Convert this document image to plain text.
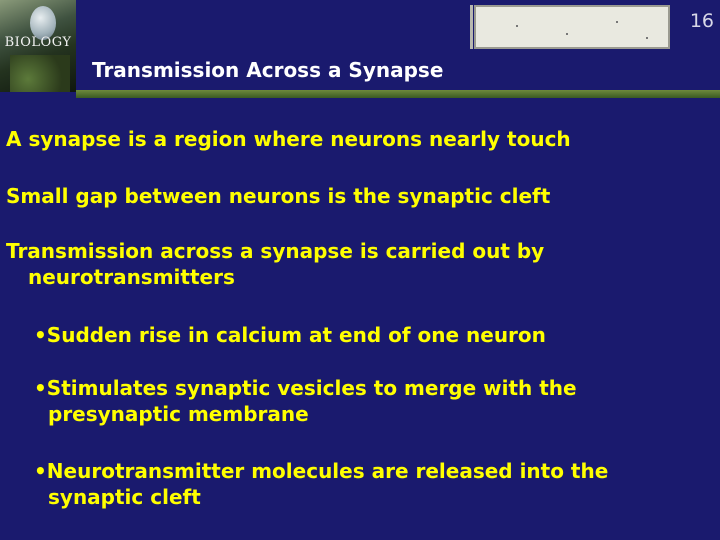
BIOLOGY
16
Transmission Across a Synapse
A synapse is a region where neurons nearly touch
Small gap between neurons is the synaptic cleft
Transmission across a synapse is carried out by neurotransmitters
•Sudden rise in calcium at end of one neuron
•Stimulates synaptic vesicles to merge with the presynaptic membrane
•Neurotransmitter molecules are released into the synaptic cleft
